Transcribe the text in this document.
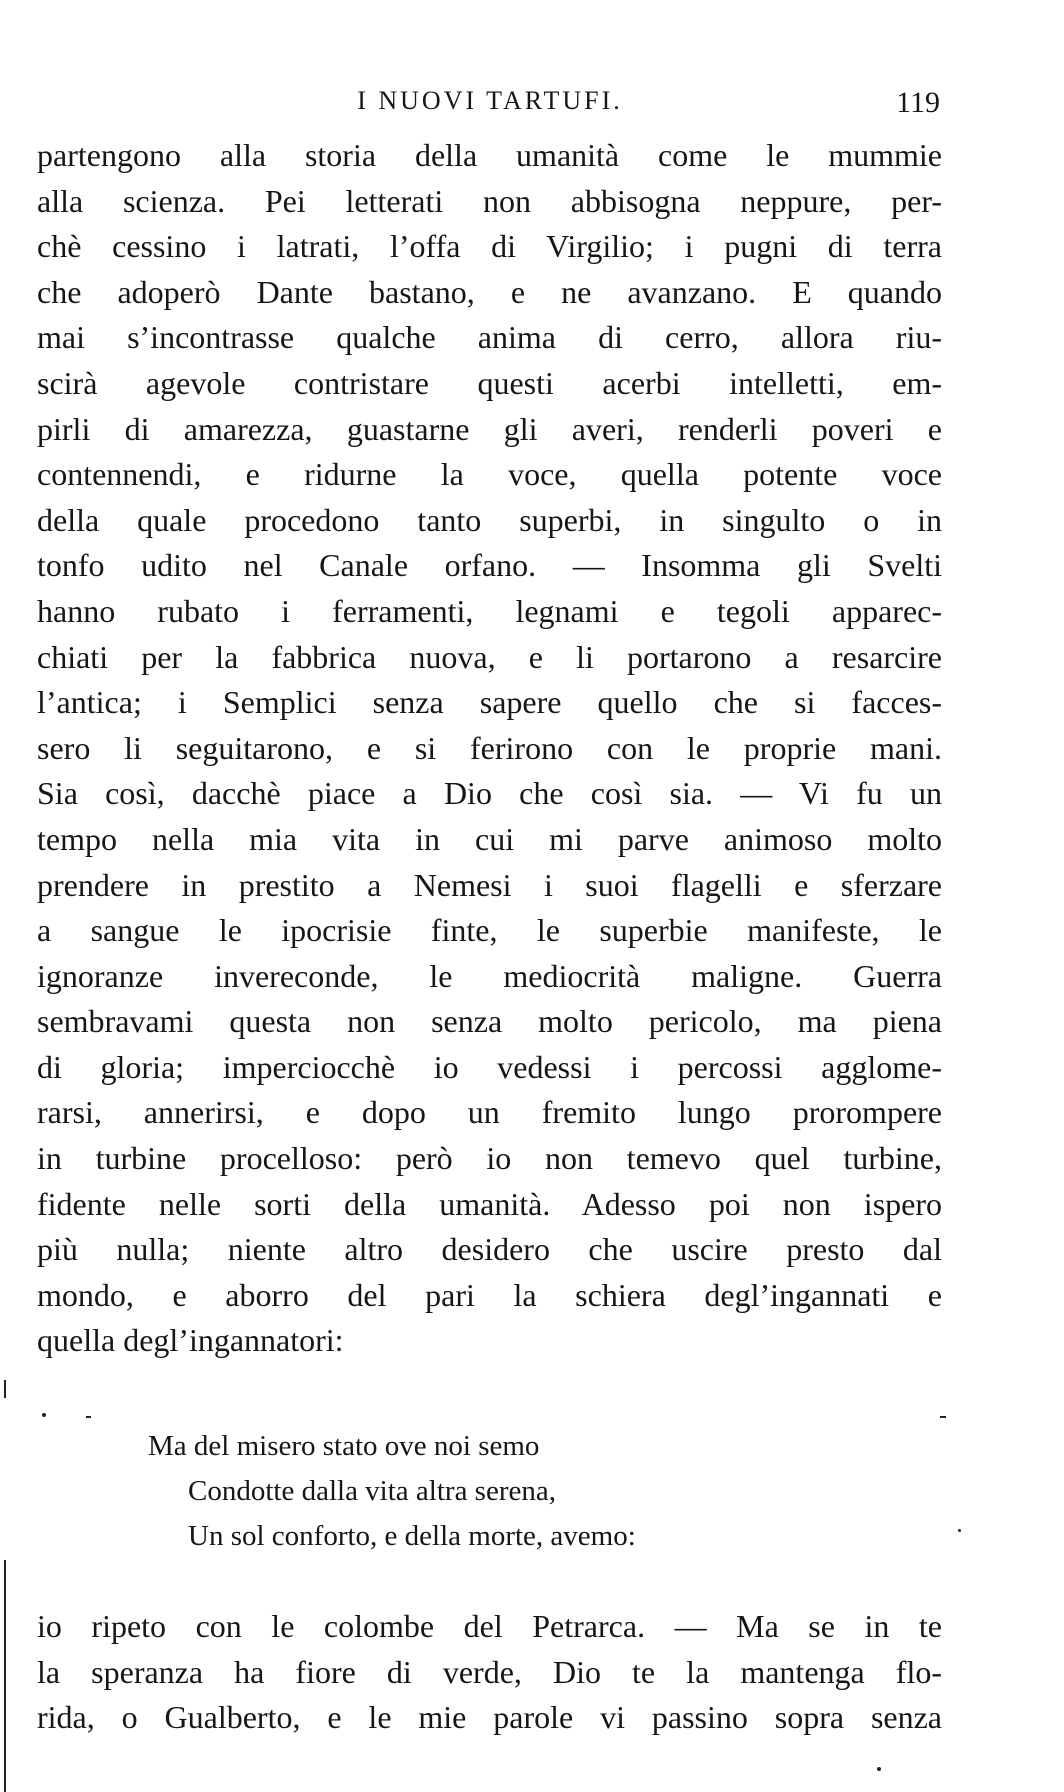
I NUOVI TARTUFI.	119
partengono alla storia della umanità come le mummie
alla scienza. Pei letterati non abbisogna neppure, per-
chè cessino i latrati, l’offa di Virgilio; i pugni di terra
che adoperò Dante bastano, e ne avanzano. E quando
mai s’incontrasse qualche anima di cerro, allora riu-
scirà agevole contristare questi acerbi intelletti, em-
pirli di amarezza, guastarne gli averi, renderli poveri e
contennendi, e ridurne la voce, quella potente voce
della quale procedono tanto superbi, in singulto o in
tonfo udito nel Canale orfano. — Insomma gli Svelti
hanno rubato i ferramenti, legnami e tegoli apparec-
chiati per la fabbrica nuova, e li portarono a resarcire
l’antica; i Semplici senza sapere quello che si facces-
sero li seguitarono, e si ferirono con le proprie mani.
Sia così, dacchè piace a Dio che così sia. — Vi fu un
tempo nella mia vita in cui mi parve animoso molto
prendere in prestito a Nemesi i suoi flagelli e sferzare
a sangue le ipocrisie finte, le superbie manifeste, le
ignoranze invereconde, le mediocrità maligne. Guerra
sembravami questa non senza molto pericolo, ma piena
di gloria; imperciocchè io vedessi i percossi agglome-
rarsi, annerirsi, e dopo un fremito lungo prorompere
in turbine procelloso: però io non temevo quel turbine,
fidente nelle sorti della umanità. Adesso poi non ispero
più nulla; niente altro desidero che uscire presto dal
mondo, e aborro del pari la schiera degl’ingannati e
quella degl’ingannatori:
Ma del misero stato ove noi semo
Condotte dalla vita altra serena,
Un sol conforto, e della morte, avemo:
io ripeto con le colombe del Petrarca. — Ma se in te
la speranza ha fiore di verde, Dio te la mantenga flo-
rida, o Gualberto, e le mie parole vi passino sopra senza
